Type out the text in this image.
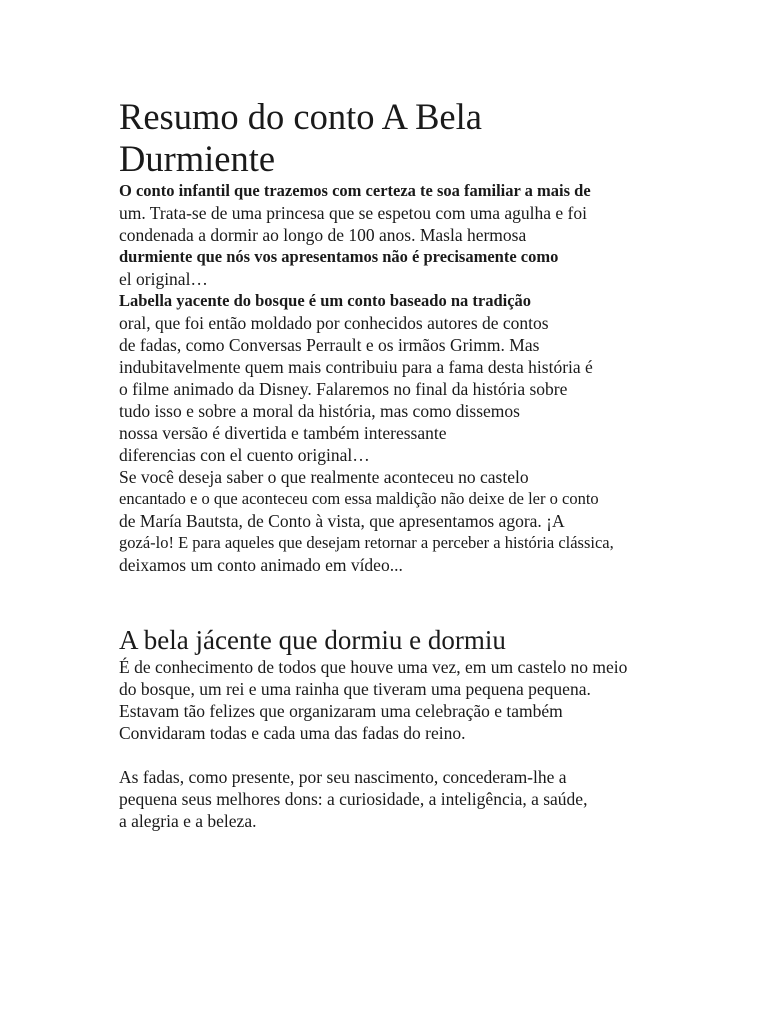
Resumo do conto A Bela
Durmiente
O conto infantil que trazemos com certeza te soa familiar a mais de
um. Trata-se de uma princesa que se espetou com uma agulha e foi
condenada a dormir ao longo de 100 anos. Masla hermosa
durmiente que nós vos apresentamos não é precisamente como
el original…
Labella yacente do bosque é um conto baseado na tradição
oral, que foi então moldado por conhecidos autores de contos
de fadas, como Conversas Perrault e os irmãos Grimm. Mas
indubitavelmente quem mais contribuiu para a fama desta história é
o filme animado da Disney. Falaremos no final da história sobre
tudo isso e sobre a moral da história, mas como dissemos
nossa versão é divertida e também interessante
diferencias con el cuento original…
Se você deseja saber o que realmente aconteceu no castelo
encantado e o que aconteceu com essa maldição não deixe de ler o conto
de María Bautsta, de Conto à vista, que apresentamos agora. ¡A
gozá-lo! E para aqueles que desejam retornar a perceber a história clássica,
deixamos um conto animado em vídeo...
A bela jácente que dormiu e dormiu
É de conhecimento de todos que houve uma vez, em um castelo no meio
do bosque, um rei e uma rainha que tiveram uma pequena pequena.
Estavam tão felizes que organizaram uma celebração e também
Convidaram todas e cada uma das fadas do reino.
As fadas, como presente, por seu nascimento, concederam-lhe a
pequena seus melhores dons: a curiosidade, a inteligência, a saúde,
a alegria e a beleza.
